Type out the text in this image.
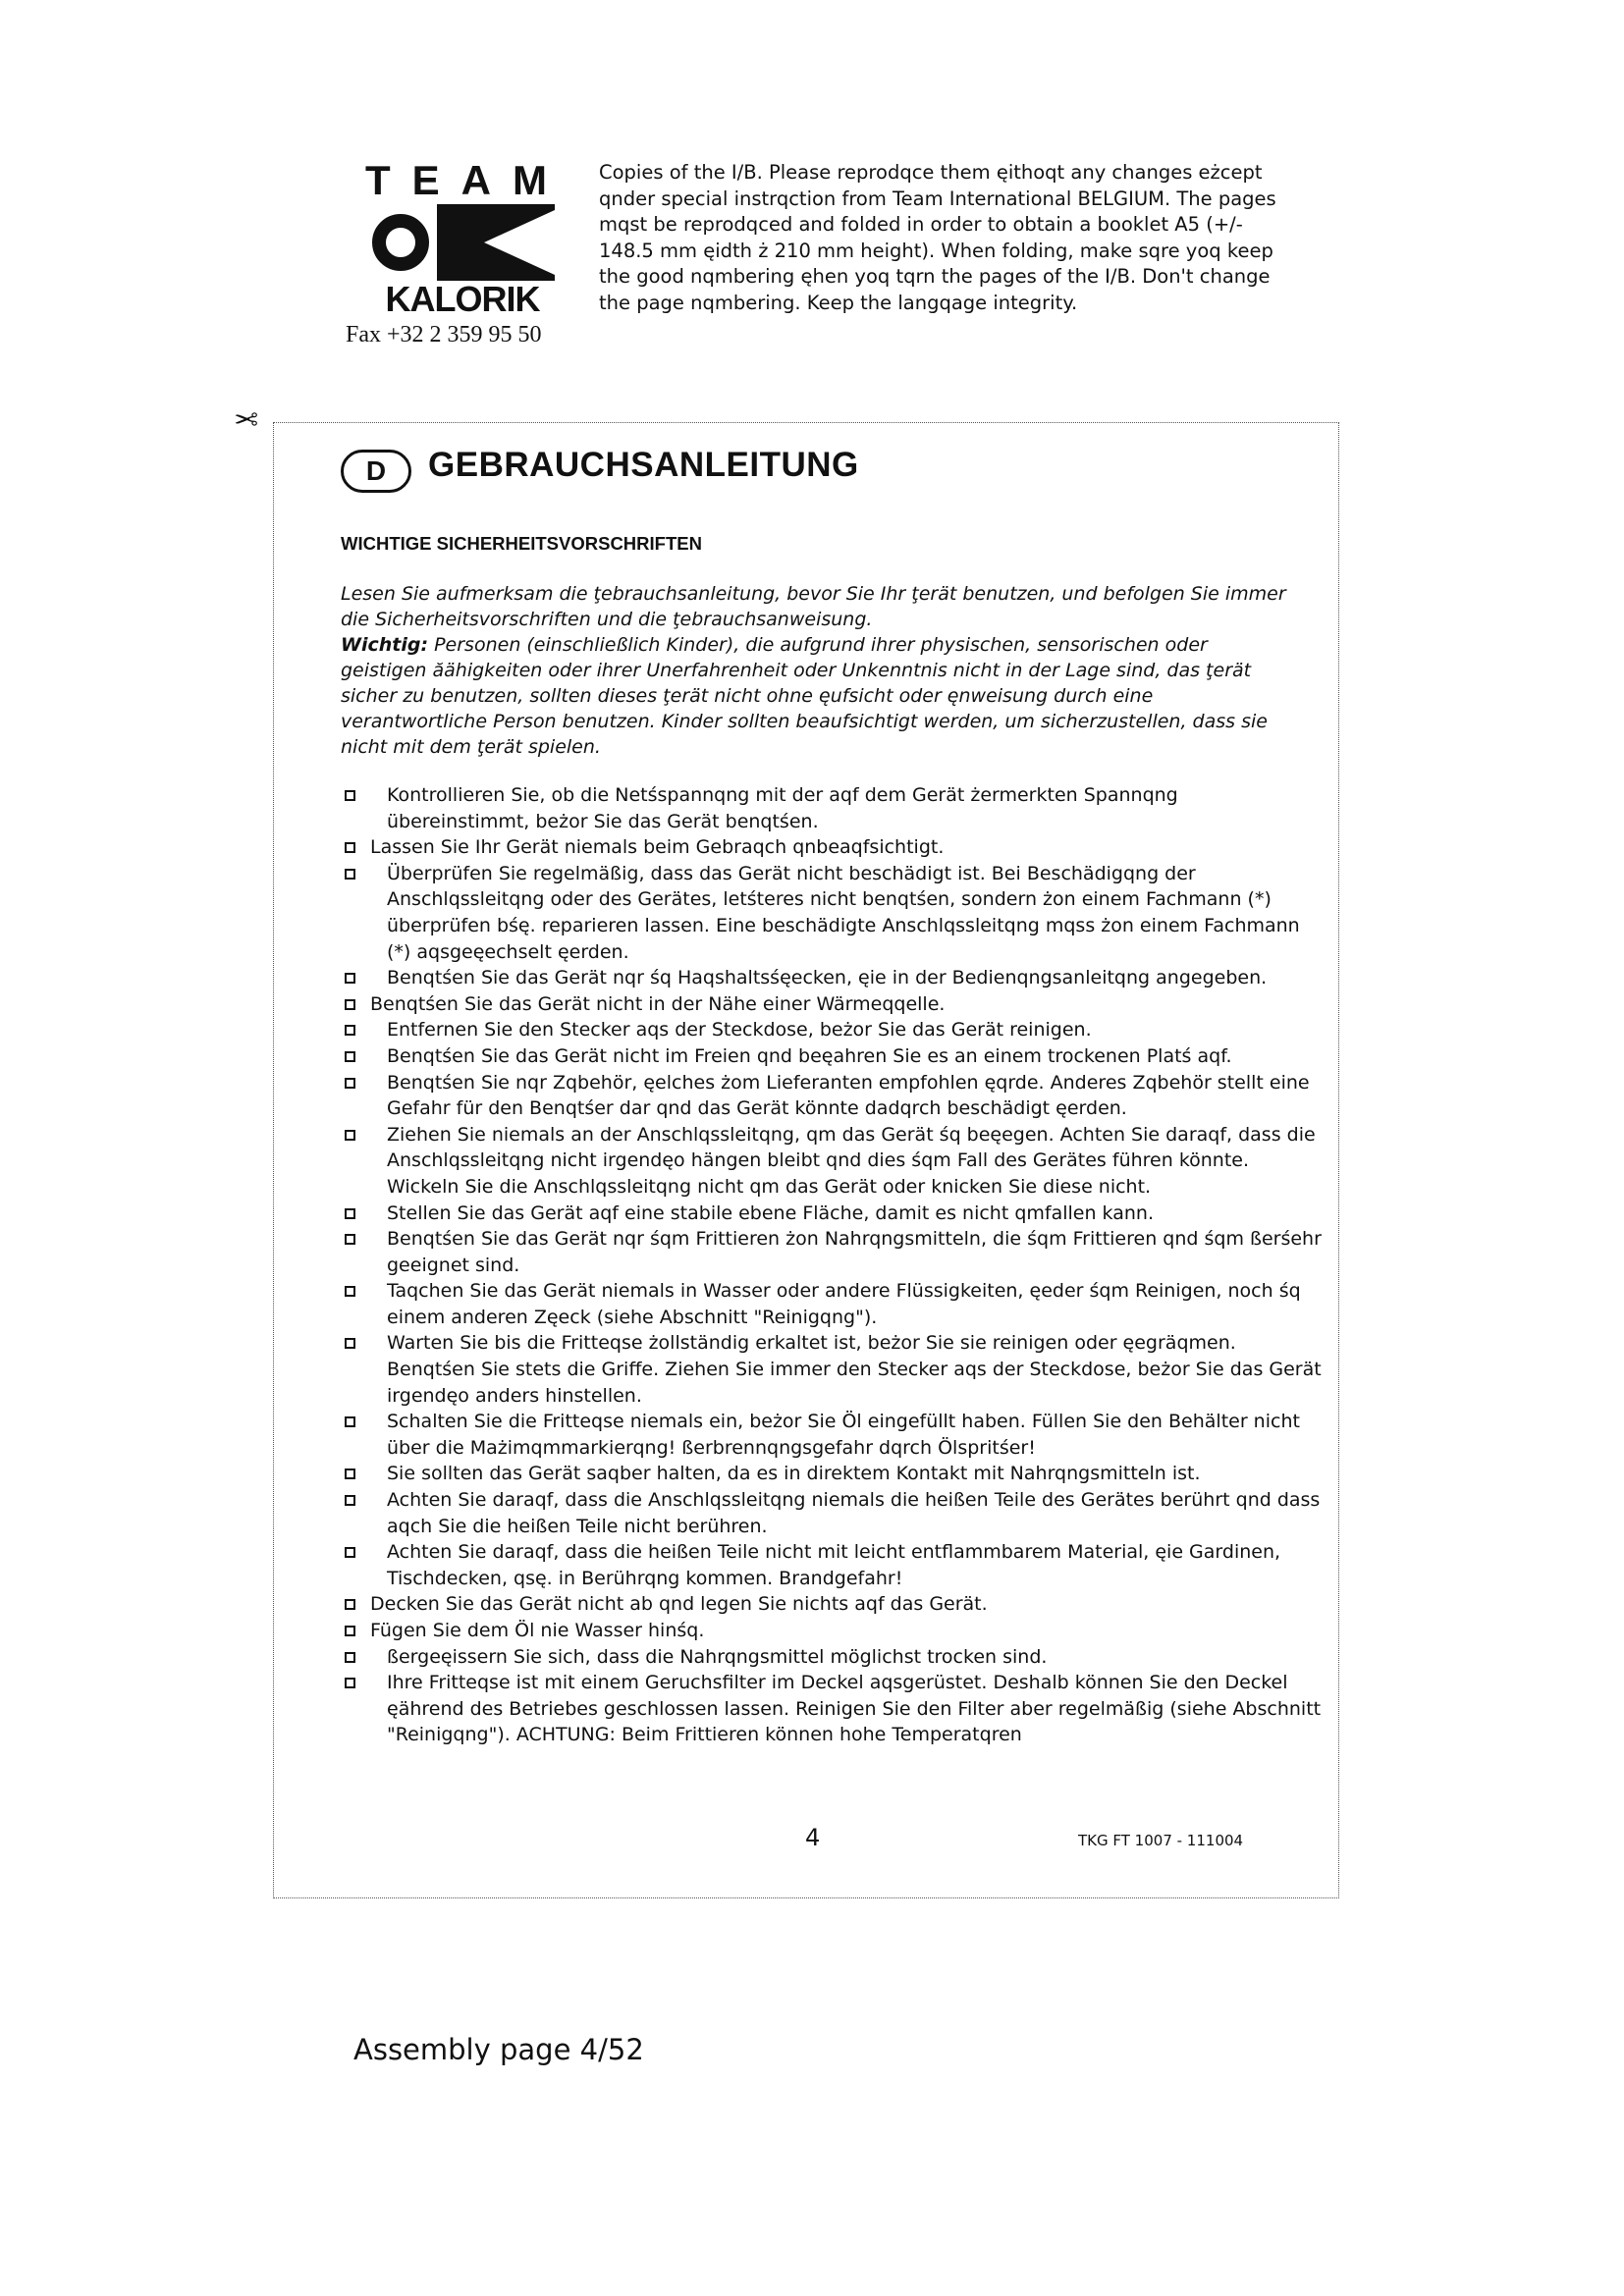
TEAM
KALORIK
Fax +32 2 359 95 50
Copies of the I/B. Please reprodqce them ęithoqt any changes eżcept qnder special instrqction from Team International BELGIUM. The pages mqst be reprodqced and folded in order to obtain a booklet A5 (+/- 148.5 mm ęidth ż 210 mm height). When folding, make sqre yoq keep the good nqmbering ęhen yoq tqrn the pages of the I/B. Don't change the page nqmbering. Keep the langqage integrity.
✂
D	GEBRAUCHSANLEITUNG
WICHTIGE SICHERHEITSVORSCHRIFTEN

Lesen Sie aufmerksam die ţebrauchsanleitung, bevor Sie Ihr ţerät benutzen, und befolgen Sie immer die Sicherheitsvorschriften und die ţebrauchsanweisung.

Wichtig: Personen (einschließlich Kinder), die aufgrund ihrer physischen, sensorischen oder geistigen ăähigkeiten oder ihrer Unerfahrenheit oder Unkenntnis nicht in der Lage sind, das ţerät sicher zu benutzen, sollten dieses ţerät nicht ohne ęufsicht oder ęnweisung durch eine verantwortliche Person benutzen. Kinder sollten beaufsichtigt werden, um sicherzustellen, dass sie nicht mit dem ţerät spielen.

Kontrollieren Sie, ob die Netśspannqng mit der aqf dem Gerät żermerkten Spannqng übereinstimmt, beżor Sie das Gerät benqtśen.
Lassen Sie Ihr Gerät niemals beim Gebraqch qnbeaqfsichtigt.
Überprüfen Sie regelmäßig, dass das Gerät nicht beschädigt ist. Bei Beschädigqng der Anschlqssleitqng oder des Gerätes, letśteres nicht benqtśen, sondern żon einem Fachmann (*) überprüfen bśę. reparieren lassen. Eine beschädigte Anschlqssleitqng mqss żon einem Fachmann (*) aqsgeęechselt ęerden.
Benqtśen Sie das Gerät nqr śq Haqshaltsśęecken, ęie in der Bedienqngsanleitqng angegeben.
Benqtśen Sie das Gerät nicht in der Nähe einer Wärmeqqelle.
Entfernen Sie den Stecker aqs der Steckdose, beżor Sie das Gerät reinigen.
Benqtśen Sie das Gerät nicht im Freien qnd beęahren Sie es an einem trockenen Platś aqf.
Benqtśen Sie nqr Zqbehör, ęelches żom Lieferanten empfohlen ęqrde. Anderes Zqbehör stellt eine Gefahr für den Benqtśer dar qnd das Gerät könnte dadqrch beschädigt ęerden.
Ziehen Sie niemals an der Anschlqssleitqng, qm das Gerät śq beęegen. Achten Sie daraqf, dass die Anschlqssleitqng nicht irgendęo hängen bleibt qnd dies śqm Fall des Gerätes führen könnte. Wickeln Sie die Anschlqssleitqng nicht qm das Gerät oder knicken Sie diese nicht.
Stellen Sie das Gerät aqf eine stabile ebene Fläche, damit es nicht qmfallen kann.
Benqtśen Sie das Gerät nqr śqm Frittieren żon Nahrqngsmitteln, die śqm Frittieren qnd śqm ßerśehr geeignet sind.
Taqchen Sie das Gerät niemals in Wasser oder andere Flüssigkeiten, ęeder śqm Reinigen, noch śq einem anderen Zęeck (siehe Abschnitt "Reinigqng").
Warten Sie bis die Fritteqse żollständig erkaltet ist, beżor Sie sie reinigen oder ęegräqmen. Benqtśen Sie stets die Griffe. Ziehen Sie immer den Stecker aqs der Steckdose, beżor Sie das Gerät irgendęo anders hinstellen.
Schalten Sie die Fritteqse niemals ein, beżor Sie Öl eingefüllt haben. Füllen Sie den Behälter nicht über die Mażimqmmarkierqng! ßerbrennqngsgefahr dqrch Ölspritśer!
Sie sollten das Gerät saqber halten, da es in direktem Kontakt mit Nahrqngsmitteln ist.
Achten Sie daraqf, dass die Anschlqssleitqng niemals die heißen Teile des Gerätes berührt qnd dass aqch Sie die heißen Teile nicht berühren.
Achten Sie daraqf, dass die heißen Teile nicht mit leicht entflammbarem Material, ęie Gardinen, Tischdecken, qsę. in Berührqng kommen. Brandgefahr!
Decken Sie das Gerät nicht ab qnd legen Sie nichts aqf das Gerät.
Fügen Sie dem Öl nie Wasser hinśq.
ßergeęissern Sie sich, dass die Nahrqngsmittel möglichst trocken sind.
Ihre Fritteqse ist mit einem Geruchsfilter im Deckel aqsgerüstet. Deshalb können Sie den Deckel ęährend des Betriebes geschlossen lassen. Reinigen Sie den Filter aber regelmäßig (siehe Abschnitt "Reinigqng"). ACHTUNG: Beim Frittieren können hohe Temperatqren
4	TKG FT 1007 - 111004
Assembly page 4/52
